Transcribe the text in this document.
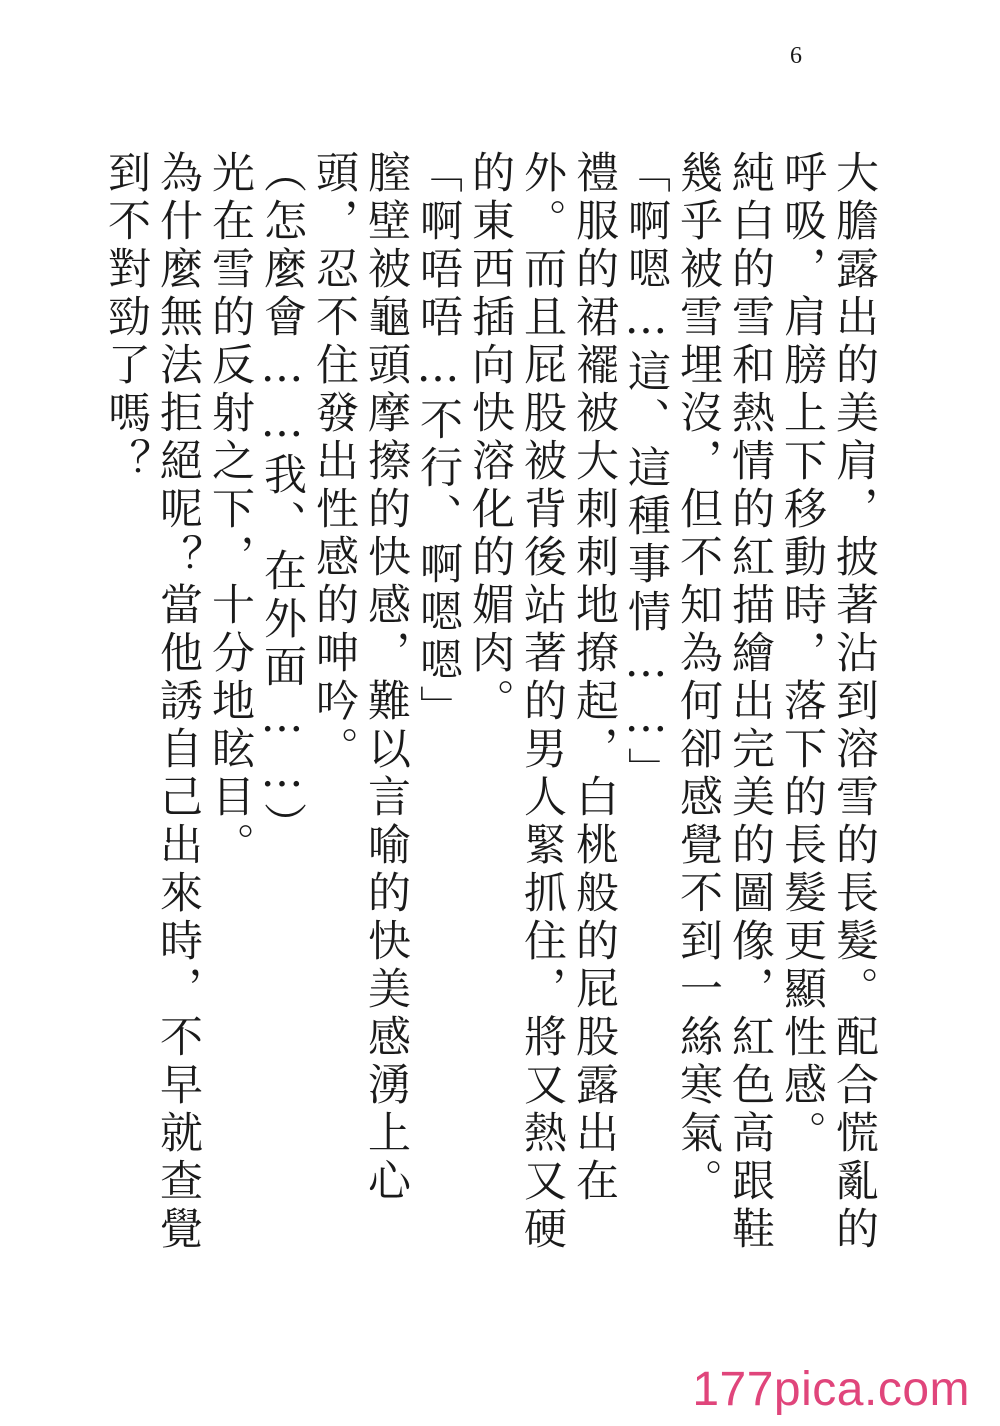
6

大膽露出的美肩，披著沾到溶雪的長髮。配合慌亂的呼吸，肩膀上下移動時，落下的長髮更顯性感。

純白的雪和熱情的紅描繪出完美的圖像，紅色高跟鞋幾乎被雪埋沒，但不知為何卻感覺不到一絲寒氣。

「啊嗯…這、這種事情……」

禮服的裙襬被大刺刺地撩起，白桃般的屁股露出在外。而且屁股被背後站著的男人緊抓住，將又熱又硬的東西插向快溶化的媚肉。

「啊唔唔…不行、啊嗯嗯」

膣壁被龜頭摩擦的快感，難以言喻的快美感湧上心頭，忍不住發出性感的呻吟。

（怎麼會……我、在外面……）

光在雪的反射之下，十分地眩目。

為什麼無法拒絕呢？當他誘自己出來時，不早就查覺到不對勁了嗎？

177pica.com
